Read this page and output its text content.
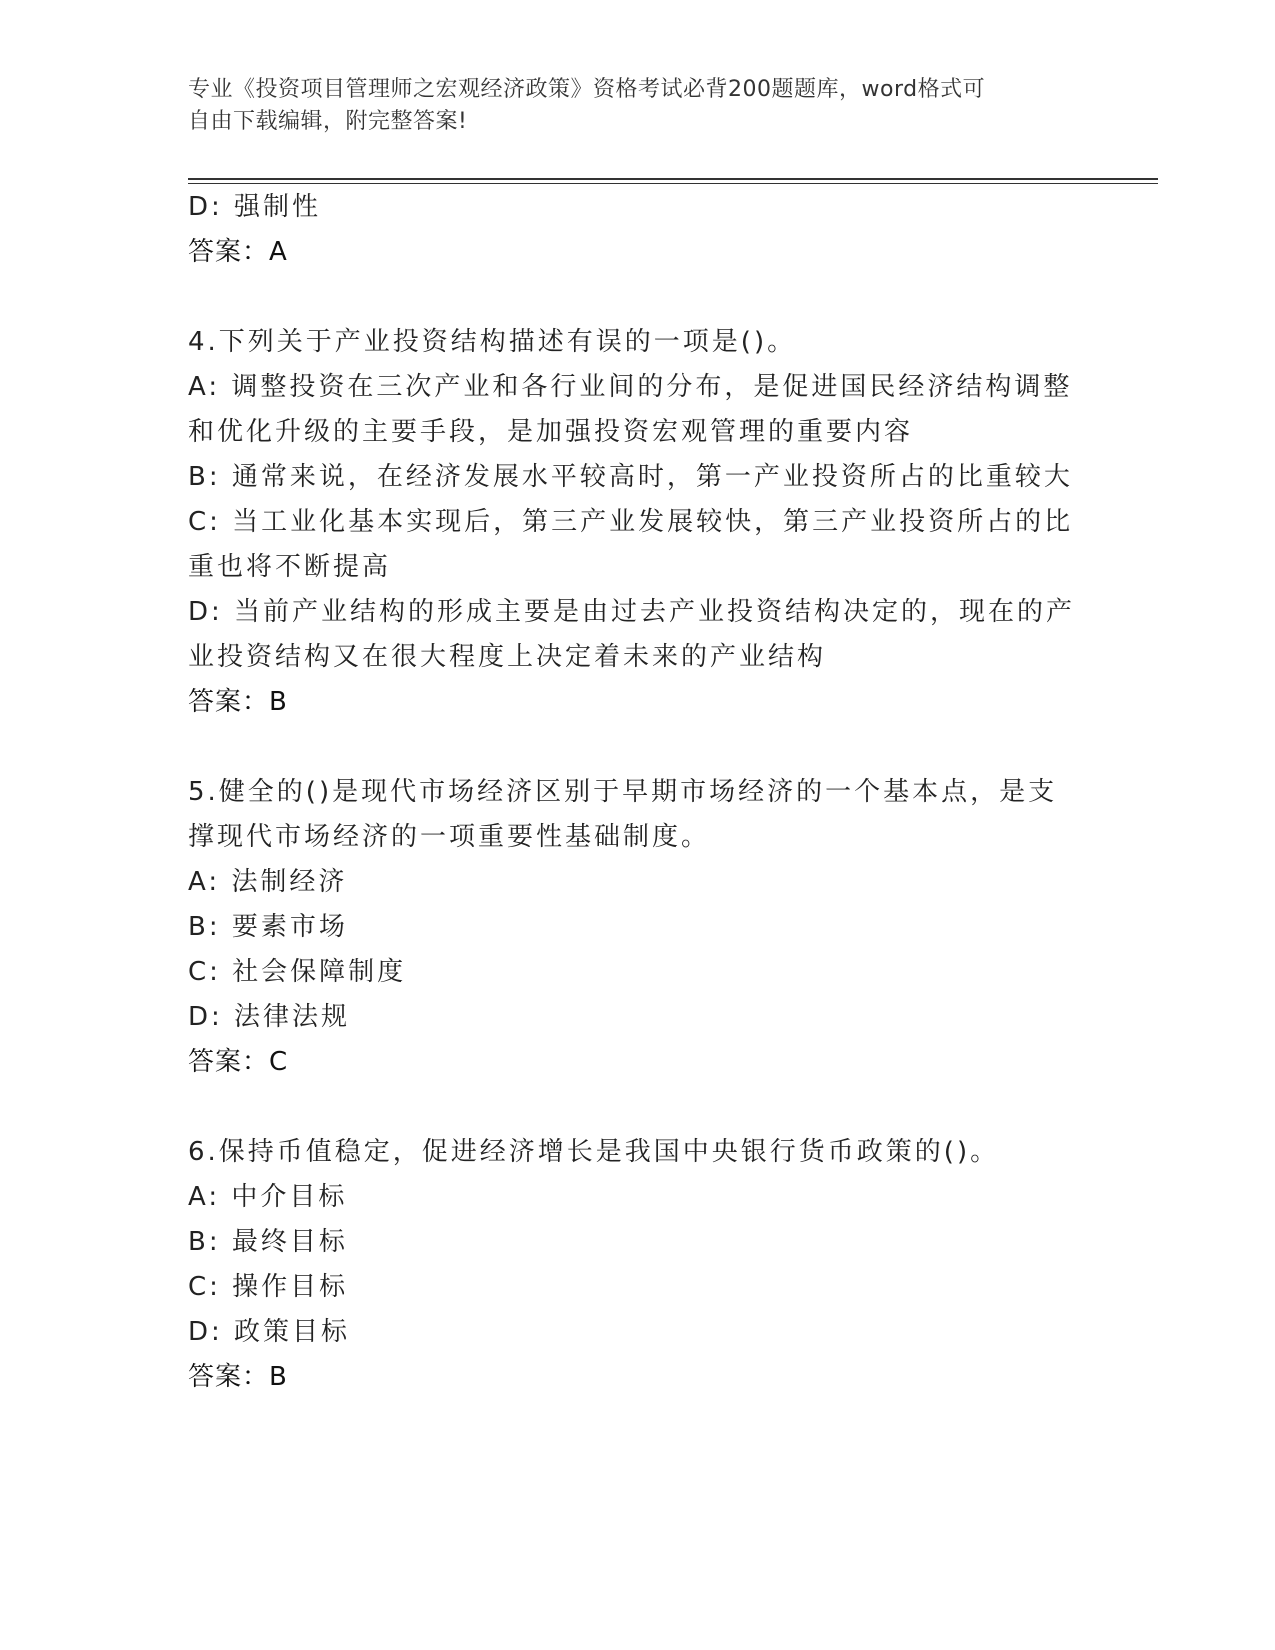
专业《投资项目管理师之宏观经济政策》资格考试必背200题题库，word格式可
自由下载编辑，附完整答案!
D: 强制性
答案：A
4.下列关于产业投资结构描述有误的一项是()。
A: 调整投资在三次产业和各行业间的分布，是促进国民经济结构调整
和优化升级的主要手段，是加强投资宏观管理的重要内容
B: 通常来说，在经济发展水平较高时，第一产业投资所占的比重较大
C: 当工业化基本实现后，第三产业发展较快，第三产业投资所占的比
重也将不断提高
D: 当前产业结构的形成主要是由过去产业投资结构决定的，现在的产
业投资结构又在很大程度上决定着未来的产业结构
答案：B
5.健全的()是现代市场经济区别于早期市场经济的一个基本点，是支
撑现代市场经济的一项重要性基础制度。
A: 法制经济
B: 要素市场
C: 社会保障制度
D: 法律法规
答案：C
6.保持币值稳定，促进经济增长是我国中央银行货币政策的()。
A: 中介目标
B: 最终目标
C: 操作目标
D: 政策目标
答案：B
